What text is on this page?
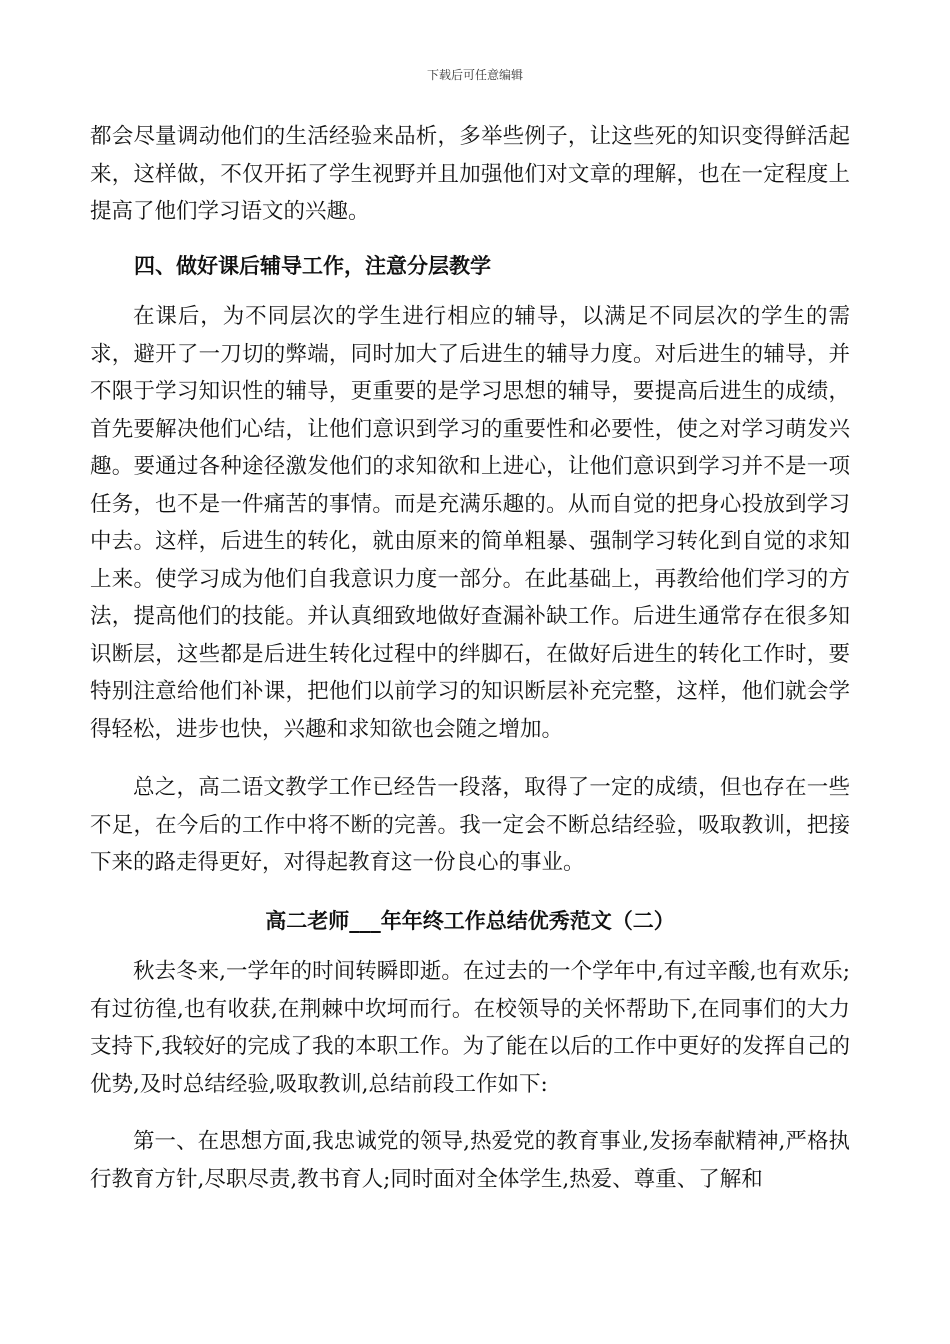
下载后可任意编辑

都会尽量调动他们的生活经验来品析，多举些例子，让这些死的知识变得鲜活起来，这样做，不仅开拓了学生视野并且加强他们对文章的理解，也在一定程度上提高了他们学习语文的兴趣。

四、做好课后辅导工作，注意分层教学

在课后，为不同层次的学生进行相应的辅导，以满足不同层次的学生的需求，避开了一刀切的弊端，同时加大了后进生的辅导力度。对后进生的辅导，并不限于学习知识性的辅导，更重要的是学习思想的辅导，要提高后进生的成绩，首先要解决他们心结，让他们意识到学习的重要性和必要性，使之对学习萌发兴趣。要通过各种途径激发他们的求知欲和上进心，让他们意识到学习并不是一项任务，也不是一件痛苦的事情。而是充满乐趣的。从而自觉的把身心投放到学习中去。这样，后进生的转化，就由原来的简单粗暴、强制学习转化到自觉的求知上来。使学习成为他们自我意识力度一部分。在此基础上，再教给他们学习的方法，提高他们的技能。并认真细致地做好查漏补缺工作。后进生通常存在很多知识断层，这些都是后进生转化过程中的绊脚石，在做好后进生的转化工作时，要特别注意给他们补课，把他们以前学习的知识断层补充完整，这样，他们就会学得轻松，进步也快，兴趣和求知欲也会随之增加。

总之，高二语文教学工作已经告一段落，取得了一定的成绩，但也存在一些不足，在今后的工作中将不断的完善。我一定会不断总结经验，吸取教训，把接下来的路走得更好，对得起教育这一份良心的事业。

高二老师___年年终工作总结优秀范文（二）

秋去冬来,一学年的时间转瞬即逝。在过去的一个学年中,有过辛酸,也有欢乐;有过彷徨,也有收获,在荆棘中坎坷而行。在校领导的关怀帮助下,在同事们的大力支持下,我较好的完成了我的本职工作。为了能在以后的工作中更好的发挥自己的优势,及时总结经验,吸取教训,总结前段工作如下:

第一、在思想方面,我忠诚党的领导,热爱党的教育事业,发扬奉献精神,严格执行教育方针,尽职尽责,教书育人;同时面对全体学生,热爱、尊重、了解和
